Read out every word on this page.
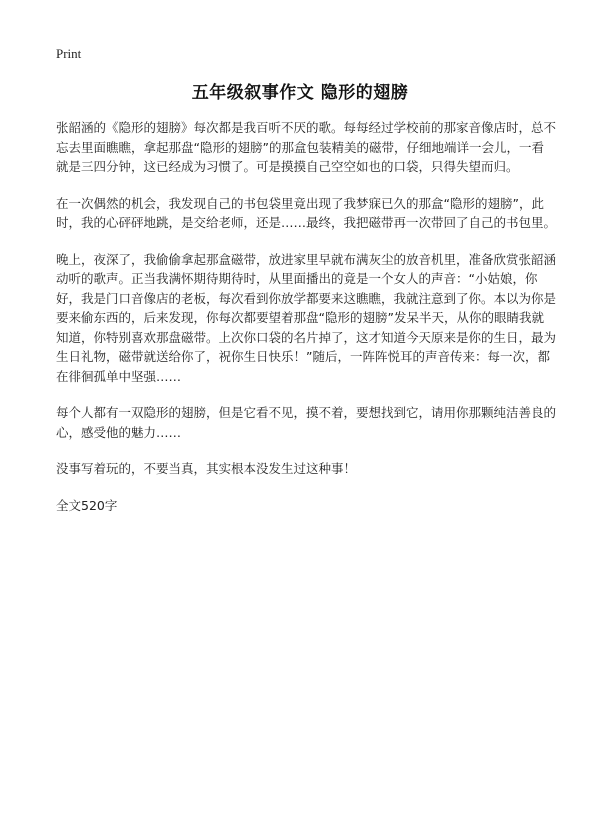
Print
五年级叙事作文 隐形的翅膀

张韶涵的《隐形的翅膀》每次都是我百听不厌的歌。每每经过学校前的那家音像店时，总不忘去里面瞧瞧，拿起那盘“隐形的翅膀”的那盒包装精美的磁带，仔细地端详一会儿，一看就是三四分钟，这已经成为习惯了。可是摸摸自己空空如也的口袋，只得失望而归。

在一次偶然的机会，我发现自己的书包袋里竟出现了我梦寐已久的那盒“隐形的翅膀”，此时，我的心砰砰地跳，是交给老师，还是……最终，我把磁带再一次带回了自己的书包里。

晚上，夜深了，我偷偷拿起那盒磁带，放进家里早就布满灰尘的放音机里，准备欣赏张韶涵动听的歌声。正当我满怀期待期待时，从里面播出的竟是一个女人的声音：“小姑娘，你好，我是门口音像店的老板，每次看到你放学都要来这瞧瞧，我就注意到了你。本以为你是要来偷东西的，后来发现，你每次都要望着那盘“隐形的翅膀”发呆半天，从你的眼睛我就知道，你特别喜欢那盘磁带。上次你口袋的名片掉了，这才知道今天原来是你的生日，最为生日礼物，磁带就送给你了，祝你生日快乐！”随后，一阵阵悦耳的声音传来：每一次，都在徘徊孤单中坚强……

每个人都有一双隐形的翅膀，但是它看不见，摸不着，要想找到它，请用你那颗纯洁善良的心，感受他的魅力……

没事写着玩的，不要当真，其实根本没发生过这种事！

全文520字
